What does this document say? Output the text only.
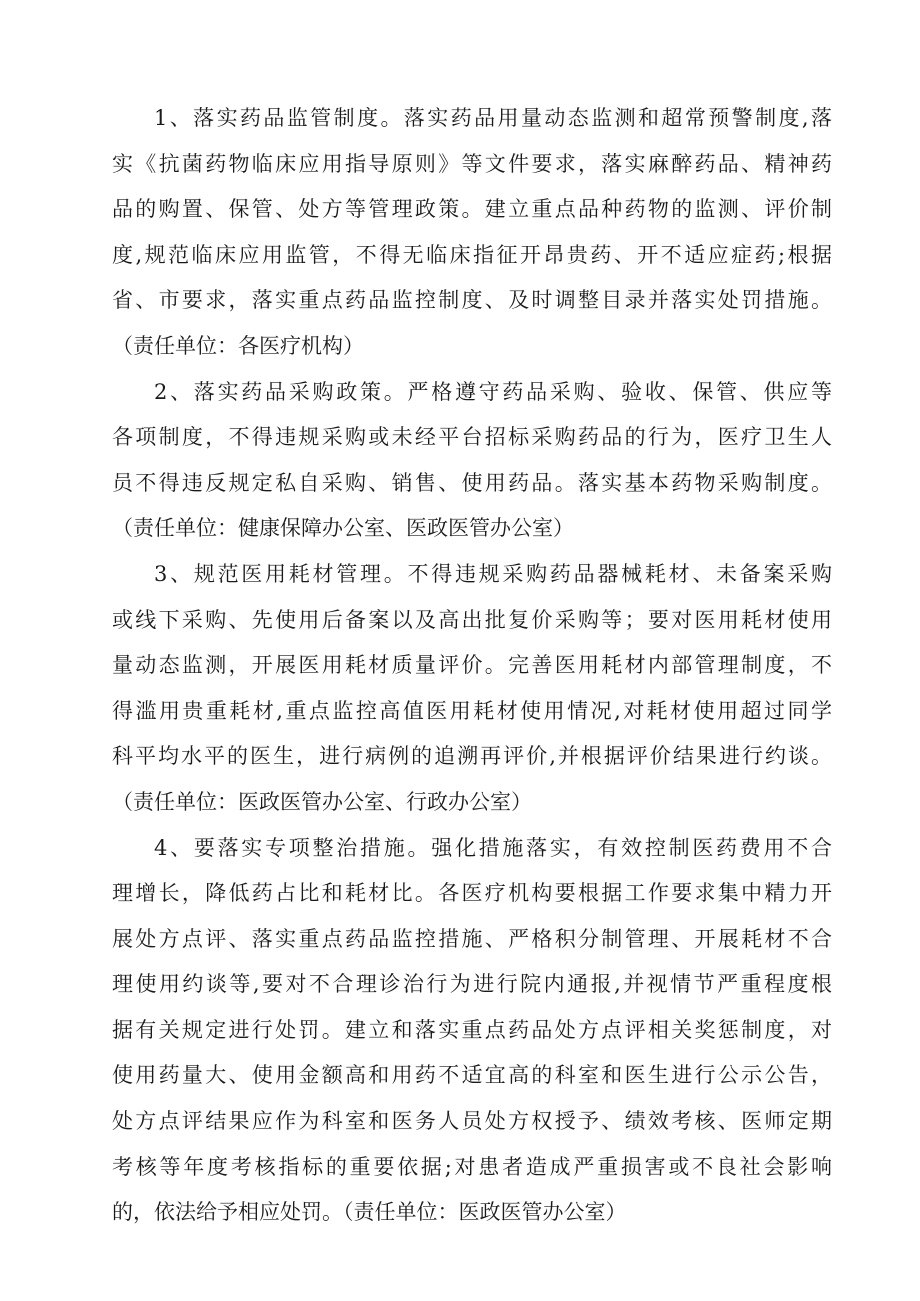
1、落实药品监管制度。落实药品用量动态监测和超常预警制度,落
实《抗菌药物临床应用指导原则》等文件要求，落实麻醉药品、精神药
品的购置、保管、处方等管理政策。建立重点品种药物的监测、评价制
度,规范临床应用监管，不得无临床指征开昂贵药、开不适应症药;根据
省、市要求，落实重点药品监控制度、及时调整目录并落实处罚措施。
（责任单位：各医疗机构）
2、落实药品采购政策。严格遵守药品采购、验收、保管、供应等
各项制度，不得违规采购或未经平台招标采购药品的行为，医疗卫生人
员不得违反规定私自采购、销售、使用药品。落实基本药物采购制度。
（责任单位：健康保障办公室、医政医管办公室）
3、规范医用耗材管理。不得违规采购药品器械耗材、未备案采购
或线下采购、先使用后备案以及高出批复价采购等；要对医用耗材使用
量动态监测，开展医用耗材质量评价。完善医用耗材内部管理制度，不
得滥用贵重耗材,重点监控高值医用耗材使用情况,对耗材使用超过同学
科平均水平的医生，进行病例的追溯再评价,并根据评价结果进行约谈。
（责任单位：医政医管办公室、行政办公室）
4、要落实专项整治措施。强化措施落实，有效控制医药费用不合
理增长，降低药占比和耗材比。各医疗机构要根据工作要求集中精力开
展处方点评、落实重点药品监控措施、严格积分制管理、开展耗材不合
理使用约谈等,要对不合理诊治行为进行院内通报,并视情节严重程度根
据有关规定进行处罚。建立和落实重点药品处方点评相关奖惩制度，对
使用药量大、使用金额高和用药不适宜高的科室和医生进行公示公告，
处方点评结果应作为科室和医务人员处方权授予、绩效考核、医师定期
考核等年度考核指标的重要依据;对患者造成严重损害或不良社会影响
的，依法给予相应处罚。（责任单位：医政医管办公室）
